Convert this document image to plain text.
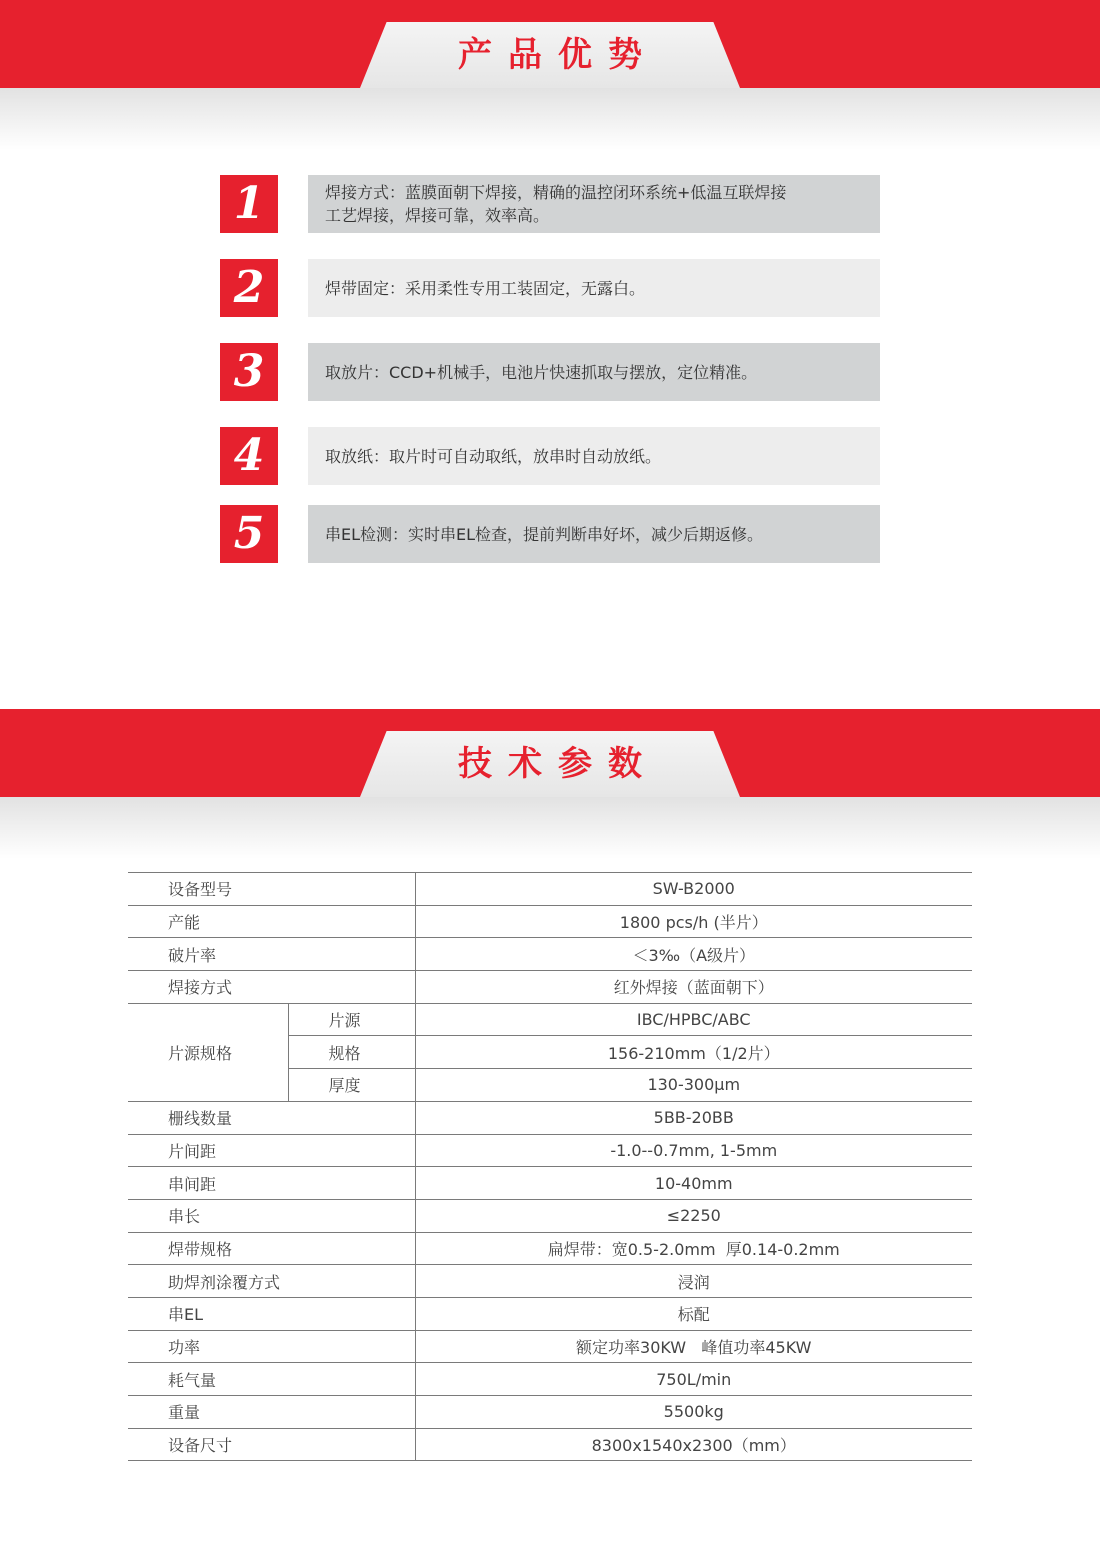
产品优势
1	焊接方式：蓝膜面朝下焊接，精确的温控闭环系统+低温互联焊接
工艺焊接，焊接可靠，效率高。
2	焊带固定：采用柔性专用工装固定，无露白。
3	取放片：CCD+机械手，电池片快速抓取与摆放，定位精准。
4	取放纸：取片时可自动取纸，放串时自动放纸。
5	串EL检测：实时串EL检查，提前判断串好坏，减少后期返修。
技术参数
设备型号		SW-B2000
产能		1800 pcs/h (半片）
破片率		＜3‰（A级片）
焊接方式		红外焊接（蓝面朝下）
片源规格	片源	IBC/HPBC/ABC
	规格	156-210mm（1/2片）
	厚度	130-300μm
栅线数量		5BB-20BB
片间距		-1.0--0.7mm, 1-5mm
串间距		10-40mm
串长		≤2250
焊带规格		扁焊带：宽0.5-2.0mm  厚0.14-0.2mm
助焊剂涂覆方式		浸润
串EL		标配
功率		额定功率30KW   峰值功率45KW
耗气量		750L/min
重量		5500kg
设备尺寸		8300x1540x2300（mm）
